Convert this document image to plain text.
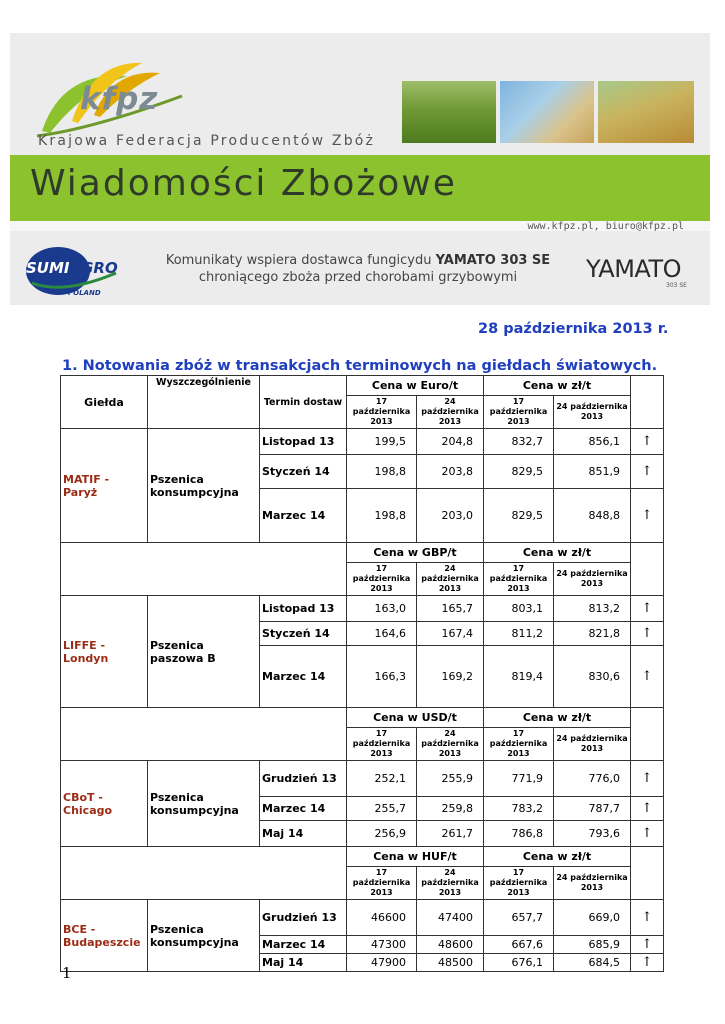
kfpz
Krajowa Federacja Producentów Zbóż
Wiadomości Zbożowe
www.kfpz.pl, biuro@kfpz.pl
SUMIAGRO
POLAND
Komunikaty wspiera dostawca fungicydu YAMATO 303 SE
chroniącego zboża przed chorobami grzybowymi	YAMATO
303 SE
28 października 2013 r.
1. Notowania zbóż w transakcjach terminowych na giełdach światowych.
Giełda	Wyszczególnienie	Termin dostaw	Cena w Euro/t		Cena w zł/t		
			17 października 2013	24 października 2013	17 października 2013	24 października 2013	
MATIF - Paryż	Pszenica konsumpcyjna	Listopad 13	199,5	204,8	832,7	856,1	↑
		Styczeń 14	198,8	203,8	829,5	851,9	↑
		Marzec 14	198,8	203,0	829,5	848,8	↑
			Cena w GBP/t		Cena w zł/t		
			17 października 2013	24 października 2013	17 października 2013	24 października 2013	
LIFFE - Londyn	Pszenica paszowa B	Listopad 13	163,0	165,7	803,1	813,2	↑
		Styczeń 14	164,6	167,4	811,2	821,8	↑
		Marzec 14	166,3	169,2	819,4	830,6	↑
			Cena w USD/t		Cena w zł/t		
			17 października 2013	24 października 2013	17 października 2013	24 października 2013	
CBoT - Chicago	Pszenica konsumpcyjna	Grudzień 13	252,1	255,9	771,9	776,0	↑
		Marzec 14	255,7	259,8	783,2	787,7	↑
		Maj 14	256,9	261,7	786,8	793,6	↑
			Cena w HUF/t		Cena w zł/t		
			17 października 2013	24 października 2013	17 października 2013	24 października 2013	
BCE - Budapeszcie	Pszenica konsumpcyjna	Grudzień 13	46600	47400	657,7	669,0	↑
		Marzec 14	47300	48600	667,6	685,9	↑
		Maj 14	47900	48500	676,1	684,5	↑
1
